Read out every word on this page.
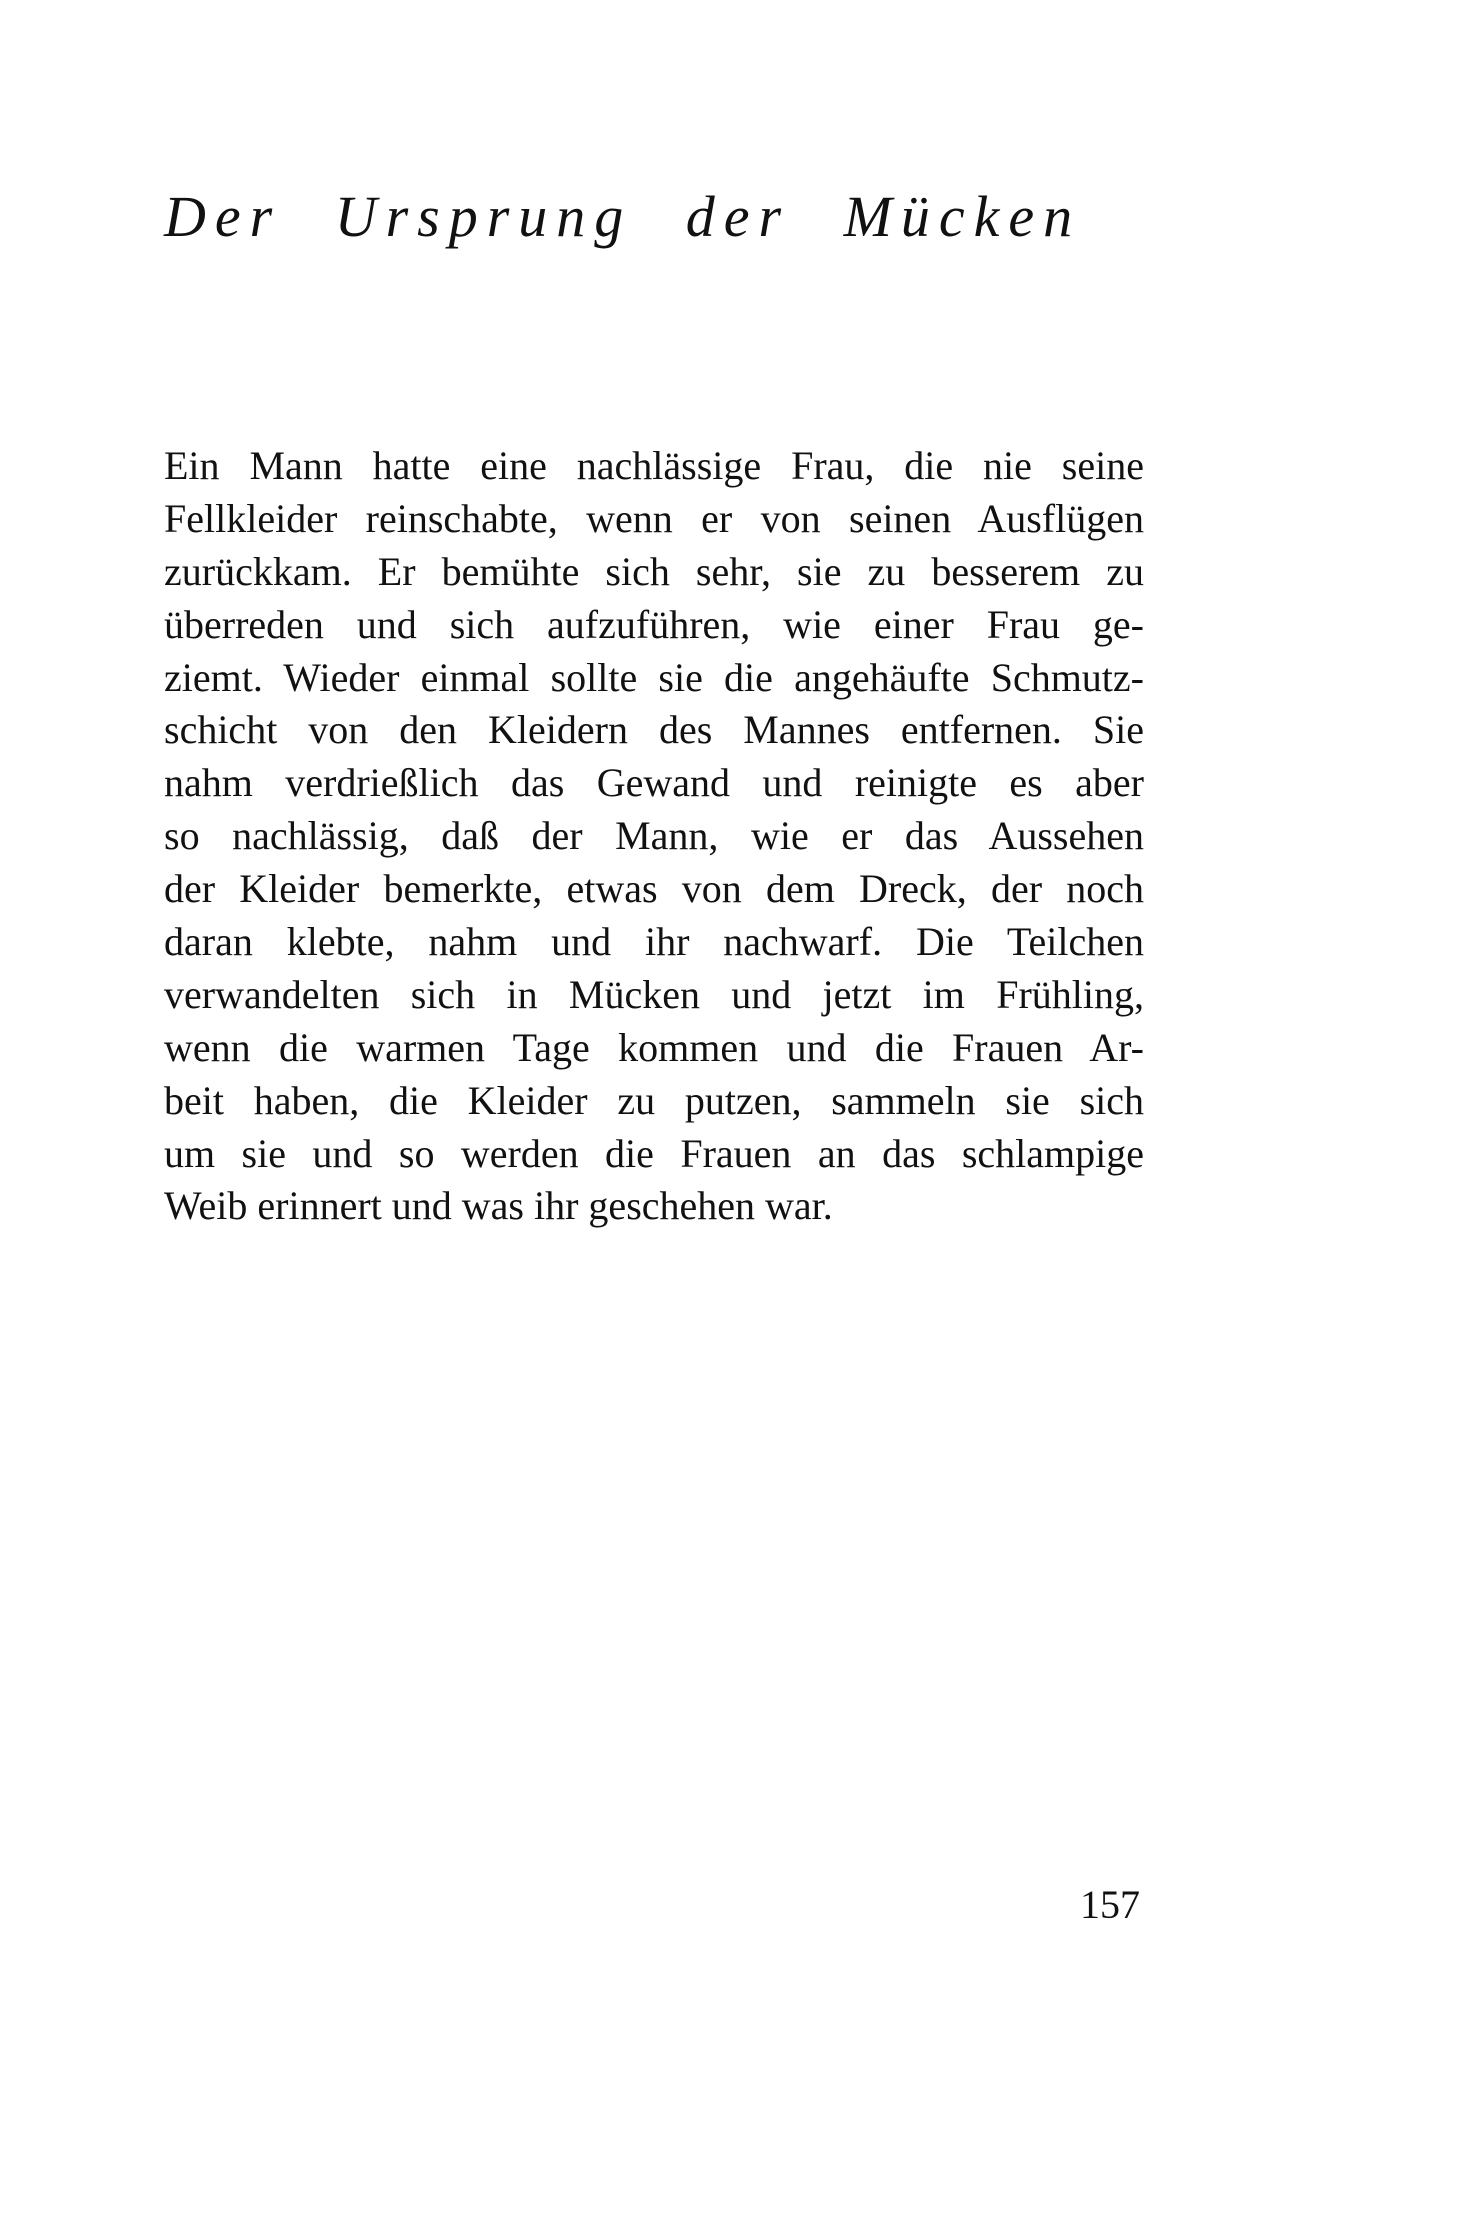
Der Ursprung der Mücken
Ein Mann hatte eine nachlässige Frau, die nie seine
Fellkleider reinschabte, wenn er von seinen Ausflügen
zurückkam. Er bemühte sich sehr, sie zu besserem zu
überreden und sich aufzuführen, wie einer Frau ge-
ziemt. Wieder einmal sollte sie die angehäufte Schmutz-
schicht von den Kleidern des Mannes entfernen. Sie
nahm verdrießlich das Gewand und reinigte es aber
so nachlässig, daß der Mann, wie er das Aussehen
der Kleider bemerkte, etwas von dem Dreck, der noch
daran klebte, nahm und ihr nachwarf. Die Teilchen
verwandelten sich in Mücken und jetzt im Frühling,
wenn die warmen Tage kommen und die Frauen Ar-
beit haben, die Kleider zu putzen, sammeln sie sich
um sie und so werden die Frauen an das schlampige
Weib erinnert und was ihr geschehen war.
157
